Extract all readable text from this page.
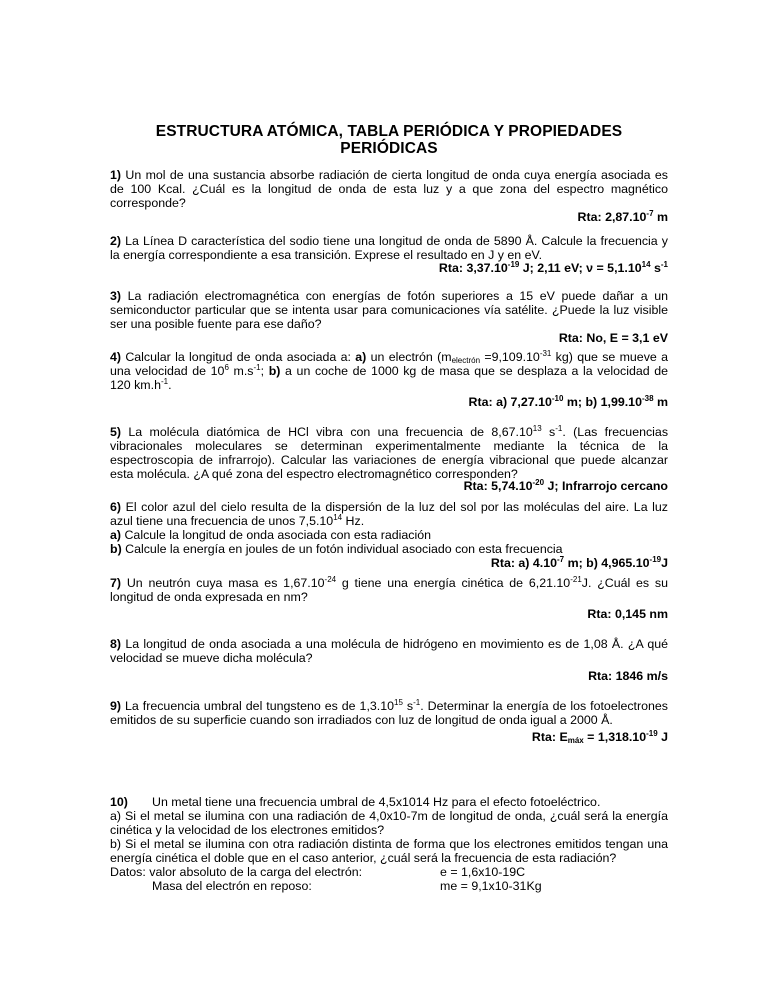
ESTRUCTURA ATÓMICA, TABLA PERIÓDICA Y PROPIEDADES
PERIÓDICAS

1) Un mol de una sustancia absorbe radiación de cierta longitud de onda cuya energía asociada es de 100 Kcal. ¿Cuál es la longitud de onda de esta luz y a que zona del espectro magnético corresponde?

Rta: $2,87.10^{-7}$ m

2) La Línea D característica del sodio tiene una longitud de onda de 5890 Å. Calcule la frecuencia y la energía correspondiente a esa transición. Exprese el resultado en J y en eV.

Rta: $3,37.10^{-19}$ J; 2,11 eV; $\nu = 5,1.10^{14}$ $s^{-1}$

3) La radiación electromagnética con energías de fotón superiores a 15 eV puede dañar a un semiconductor particular que se intenta usar para comunicaciones vía satélite. ¿Puede la luz visible ser una posible fuente para ese daño?

Rta: No, E = 3,1 eV

4) Calcular la longitud de onda asociada a: a) un electrón ($m_{electrón} =9,109.10^{-31}$ kg) que se mueve a una velocidad de $10^6$ $m.s^{-1}$; b) a un coche de 1000 kg de masa que se desplaza a la velocidad de 120 $km.h^{-1}$.

Rta: a) $7,27.10^{-10}$ m; b) $1,99.10^{-38}$ m

5) La molécula diatómica de HCl vibra con una frecuencia de 8,67.10$^{13}$ $s^{-1}$. (Las frecuencias vibracionales moleculares se determinan experimentalmente mediante la técnica de la espectroscopia de infrarrojo). Calcular las variaciones de energía vibracional que puede alcanzar esta molécula. ¿A qué zona del espectro electromagnético corresponden?

Rta: $5,74.10^{-20}$ J; Infrarrojo cercano

6) El color azul del cielo resulta de la dispersión de la luz del sol por las moléculas del aire. La luz azul tiene una frecuencia de unos 7,5.10$^{14}$ Hz.

a) Calcule la longitud de onda asociada con esta radiación

b) Calcule la energía en joules de un fotón individual asociado con esta frecuencia

Rta: a) $4.10^{-7}$ m; b) $4,965.10^{-19}J$

7) Un neutrón cuya masa es $1,67.10^{-24}$ g tiene una energía cinética de $6,21.10^{-21}J$. ¿Cuál es su longitud de onda expresada en nm?

Rta: 0,145 nm

8) La longitud de onda asociada a una molécula de hidrógeno en movimiento es de 1,08 Å. ¿A qué velocidad se mueve dicha molécula?

Rta: 1846 m/s

9) La frecuencia umbral del tungsteno es de 1,3.10$^{15}$ $s^{-1}$. Determinar la energía de los fotoelectrones emitidos de su superficie cuando son irradiados con luz de longitud de onda igual a 2000 Å.

Rta: $E_{máx} = 1,318.10^{-19}$ J

10) Un metal tiene una frecuencia umbral de 4,5x1014 Hz para el efecto fotoeléctrico.

a) Si el metal se ilumina con una radiación de 4,0x10-7m de longitud de onda, ¿cuál será la energía cinética y la velocidad de los electrones emitidos?

b) Si el metal se ilumina con otra radiación distinta de forma que los electrones emitidos tengan una energía cinética el doble que en el caso anterior, ¿cuál será la frecuencia de esta radiación?

Datos: valor absoluto de la carga del electrón:	e = 1,6x10-19C
Masa del electrón en reposo:	me = 9,1x10-31Kg
